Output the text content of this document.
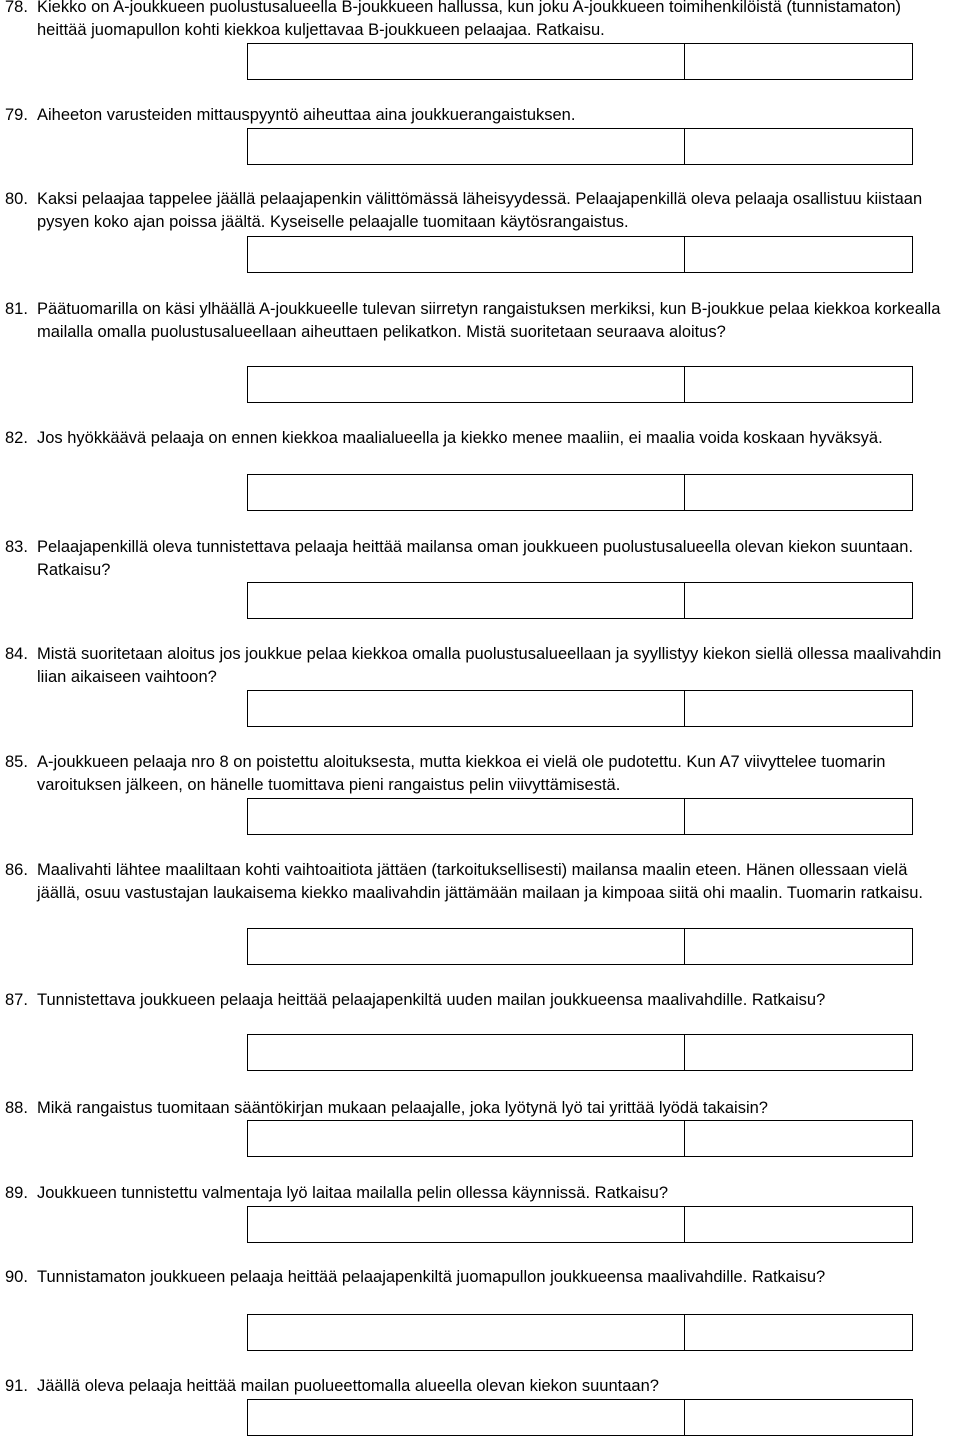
78. Kiekko on A-joukkueen puolustusalueella B-joukkueen hallussa, kun joku A-joukkueen toimihenkilöistä (tunnistamaton) heittää juomapullon kohti kiekkoa kuljettavaa B-joukkueen pelaajaa. Ratkaisu.
79. Aiheeton varusteiden mittauspyyntö aiheuttaa aina joukkuerangaistuksen.
80. Kaksi pelaajaa tappelee jäällä pelaajapenkin välittömässä läheisyydessä. Pelaajapenkillä oleva pelaaja osallistuu kiistaan pysyen koko ajan poissa jäältä. Kyseiselle pelaajalle tuomitaan käytösrangaistus.
81. Päätuomarilla on käsi ylhäällä A-joukkueelle tulevan siirretyn rangaistuksen merkiksi, kun B-joukkue pelaa kiekkoa korkealla mailalla omalla puolustusalueellaan aiheuttaen pelikatkon. Mistä suoritetaan seuraava aloitus?
82. Jos hyökkäävä pelaaja on ennen kiekkoa maalialueella ja kiekko menee maaliin, ei maalia voida koskaan hyväksyä.
83. Pelaajapenkillä oleva tunnistettava pelaaja heittää mailansa oman joukkueen puolustusalueella olevan kiekon suuntaan. Ratkaisu?
84. Mistä suoritetaan aloitus jos joukkue pelaa kiekkoa omalla puolustusalueellaan ja syyllistyy kiekon siellä ollessa maalivahdin liian aikaiseen vaihtoon?
85. A-joukkueen pelaaja nro 8 on poistettu aloituksesta, mutta kiekkoa ei vielä ole pudotettu. Kun A7 viivyttelee tuomarin varoituksen jälkeen, on hänelle tuomittava pieni rangaistus pelin viivyttämisestä.
86. Maalivahti lähtee maaliltaan kohti vaihtoaitiota jättäen (tarkoituksellisesti) mailansa maalin eteen. Hänen ollessaan vielä jäällä, osuu vastustajan laukaisema kiekko maalivahdin jättämään mailaan ja kimpoaa siitä ohi maalin. Tuomarin ratkaisu.
87. Tunnistettava joukkueen pelaaja heittää pelaajapenkiltä uuden mailan joukkueensa maalivahdille. Ratkaisu?
88. Mikä rangaistus tuomitaan sääntökirjan mukaan pelaajalle, joka lyötynä lyö tai yrittää lyödä takaisin?
89. Joukkueen tunnistettu valmentaja lyö laitaa mailalla pelin ollessa käynnissä. Ratkaisu?
90. Tunnistamaton joukkueen pelaaja heittää pelaajapenkiltä juomapullon joukkueensa maalivahdille. Ratkaisu?
91. Jäällä oleva pelaaja heittää mailan puolueettomalla alueella olevan kiekon suuntaan?
